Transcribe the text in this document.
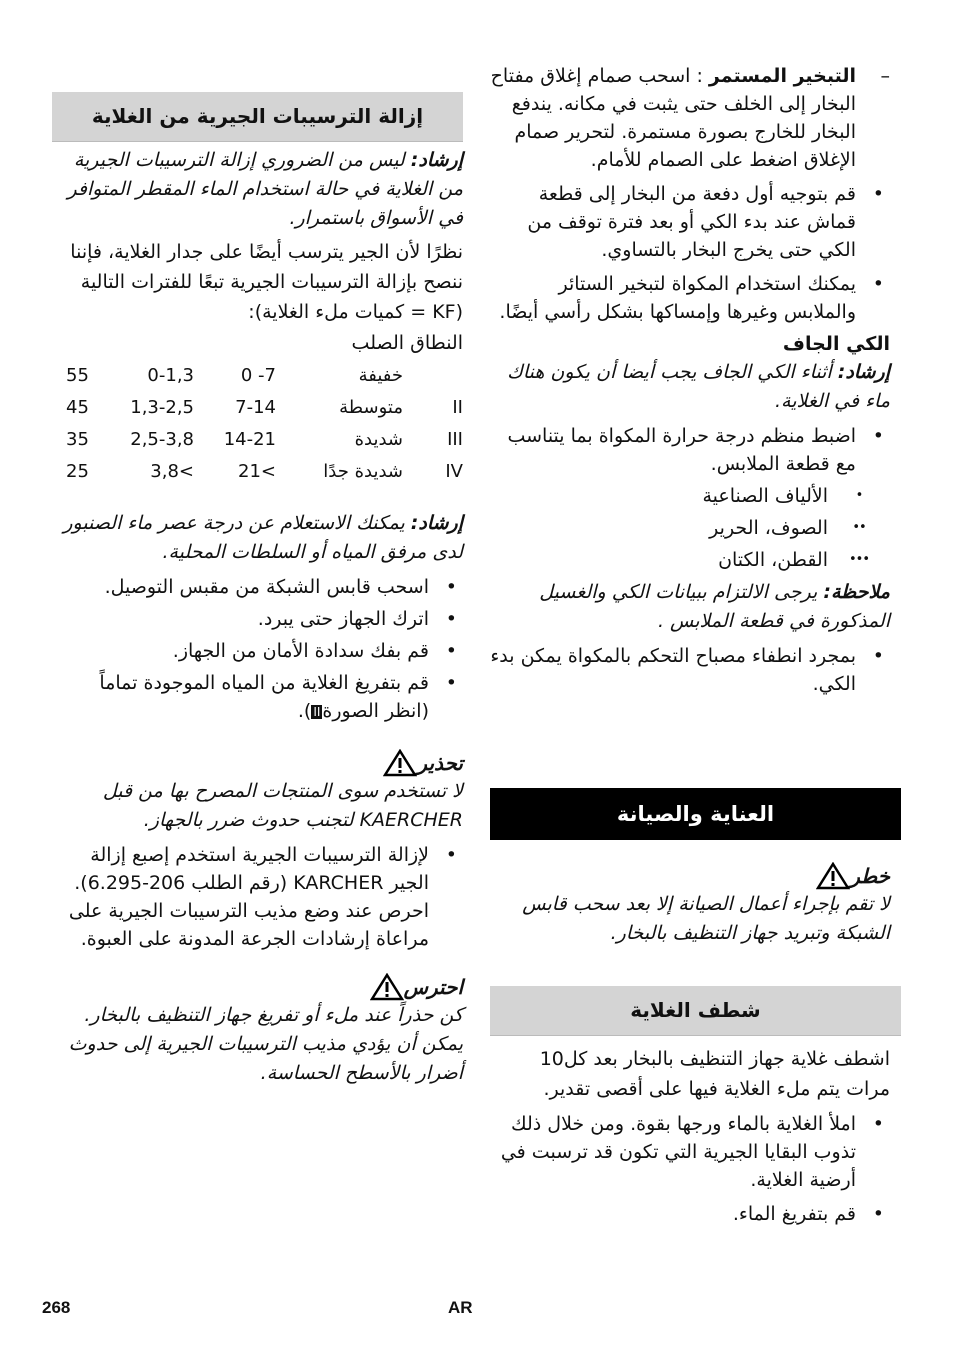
– التبخير المستمر : اسحب صمام إغلاق مفتاح البخار إلى الخلف حتى يثبت في مكانه. يندفع البخار للخارج بصورة مستمرة. لتحرير صمام الإغلاق اضغط على الصمام للأمام.
• قم بتوجيه أول دفعة من البخار إلى قطعة قماش عند بدء الكي أو بعد فترة توقف من الكي حتى يخرج البخار بالتساوي.
• يمكنك استخدام المكواة لتبخير الستائر والملابس وغيرها وإمساكها بشكل رأسي أيضًا.
الكي الجاف
إرشاد: أثناء الكي الجاف يجب أيضا أن يكون هناك ماء في الغلاية.
• اضبط منظم درجة حرارة المكواة بما يتناسب مع قطعة الملابس.
•
الألياف الصناعية
••
الصوف، الحرير
•••
القطن، الكتان
ملاحظة: يرجى الالتزام ببيانات الكي والغسيل المذكورة في قطعة الملابس .
• بمجرد انطفاء مصباح التحكم بالمكواة يمكن بدء الكي.
العناية والصيانة
خطر
لا تقم بإجراء أعمال الصيانة إلا بعد سحب قابس الشبكة وتبريد جهاز التنظيف بالبخار.
شطف الغلاية
اشطف غلاية جهاز التنظيف بالبخار بعد كل10 مرات يتم ملء الغلاية فيها على أقصى تقدير.
• املأ الغلاية بالماء ورجها بقوة. ومن خلال ذلك تذوب البقايا الجيرية التي تكون قد ترسبت في أرضية الغلاية.
• قم بتفريغ الماء.
إزالة الترسيبات الجيرية من الغلاية
إرشاد: ليس من الضروري إزالة الترسيبات الجيرية من الغلاية في حالة استخدام الماء المقطر المتوافر في الأسواق باستمرار.
نظرًا لأن الجير يترسب أيضًا على جدار الغلاية، فإننا ننصح بإزالة الترسيبات الجيرية تبعًا للفترات التالية (KF = كميات ملء الغلاية):
النطاق الصلب
55	0-1,3	0 -7	خفيفة	
45	1,3-2,5	7-14	متوسطة	II
35	2,5-3,8	14-21	شديدة	III
25	3,8<	21<	شديدة جدًا	IV
إرشاد: يمكنك الاستعلام عن درجة عصر ماء الصنبور لدى مرفق المياه أو السلطات المحلية.
• اسحب قابس الشبكة من مقبس التوصيل.
• اترك الجهاز حتى يبرد.
• قم بفك سدادة الأمان من الجهاز.
• قم بتفريغ الغلاية من المياه الموجودة تماماً (انظر الصورةII).
تحذير
لا تستخدم سوى المنتجات المصرح بها من قبل KAERCHER لتجنب حدوث ضرر بالجهاز.
• لإزالة الترسيبات الجيرية استخدم إصبع إزالة الجير KARCHER (رقم الطلب 206-6.295). احرص عند وضع مذيب الترسيبات الجيرية على مراعاة إرشادات الجرعة المدونة على العبوة.
احترس
كن حذراً عند ملء أو تفريغ جهاز التنظيف بالبخار. يمكن أن يؤدي مذيب الترسيبات الجيرية إلى حدوث أضرار بالأسطح الحساسة.
268	AR
